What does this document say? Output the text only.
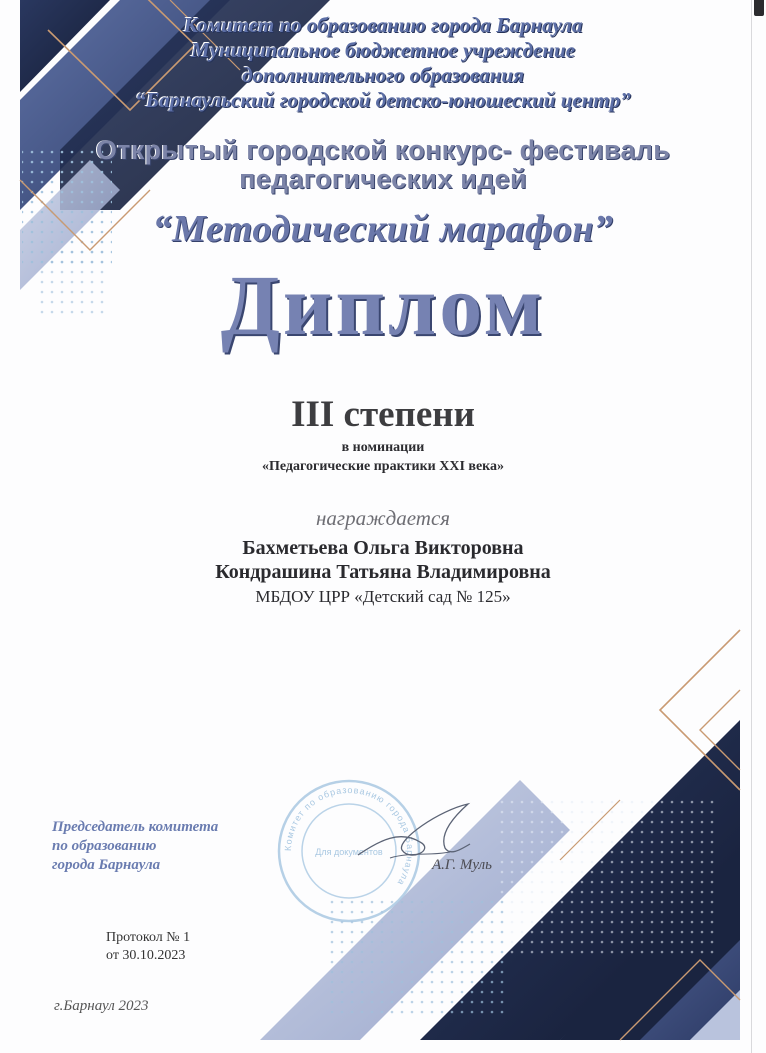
Комитет по образованию города Барнаула

Муниципальное бюджетное учреждение

дополнительного образования

“Барнаульский городской детско-юношеский центр”

Открытый городской конкурс- фестиваль

педагогических идей

“Методический марафон”

Диплом

III степени

в номинации

«Педагогические практики XXI века»

награждается

Бахметьева Ольга Викторовна

Кондрашина Татьяна Владимировна

МБДОУ ЦРР «Детский сад № 125»

Комитет по образованию города Барнаула
Для документов

Председатель комитета
по образованию
города Барнаула	А.Г. Муль

Протокол № 1
от 30.10.2023

г.Барнаул 2023
